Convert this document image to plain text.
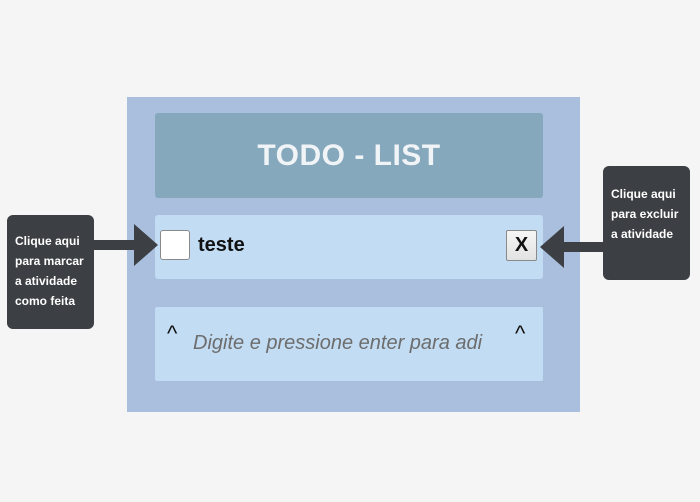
TODO - LIST
teste	X
^
Digite e pressione enter para adi	^
Clique aqui
para marcar
a atividade
como feita
Clique aqui
para excluir
a atividade
